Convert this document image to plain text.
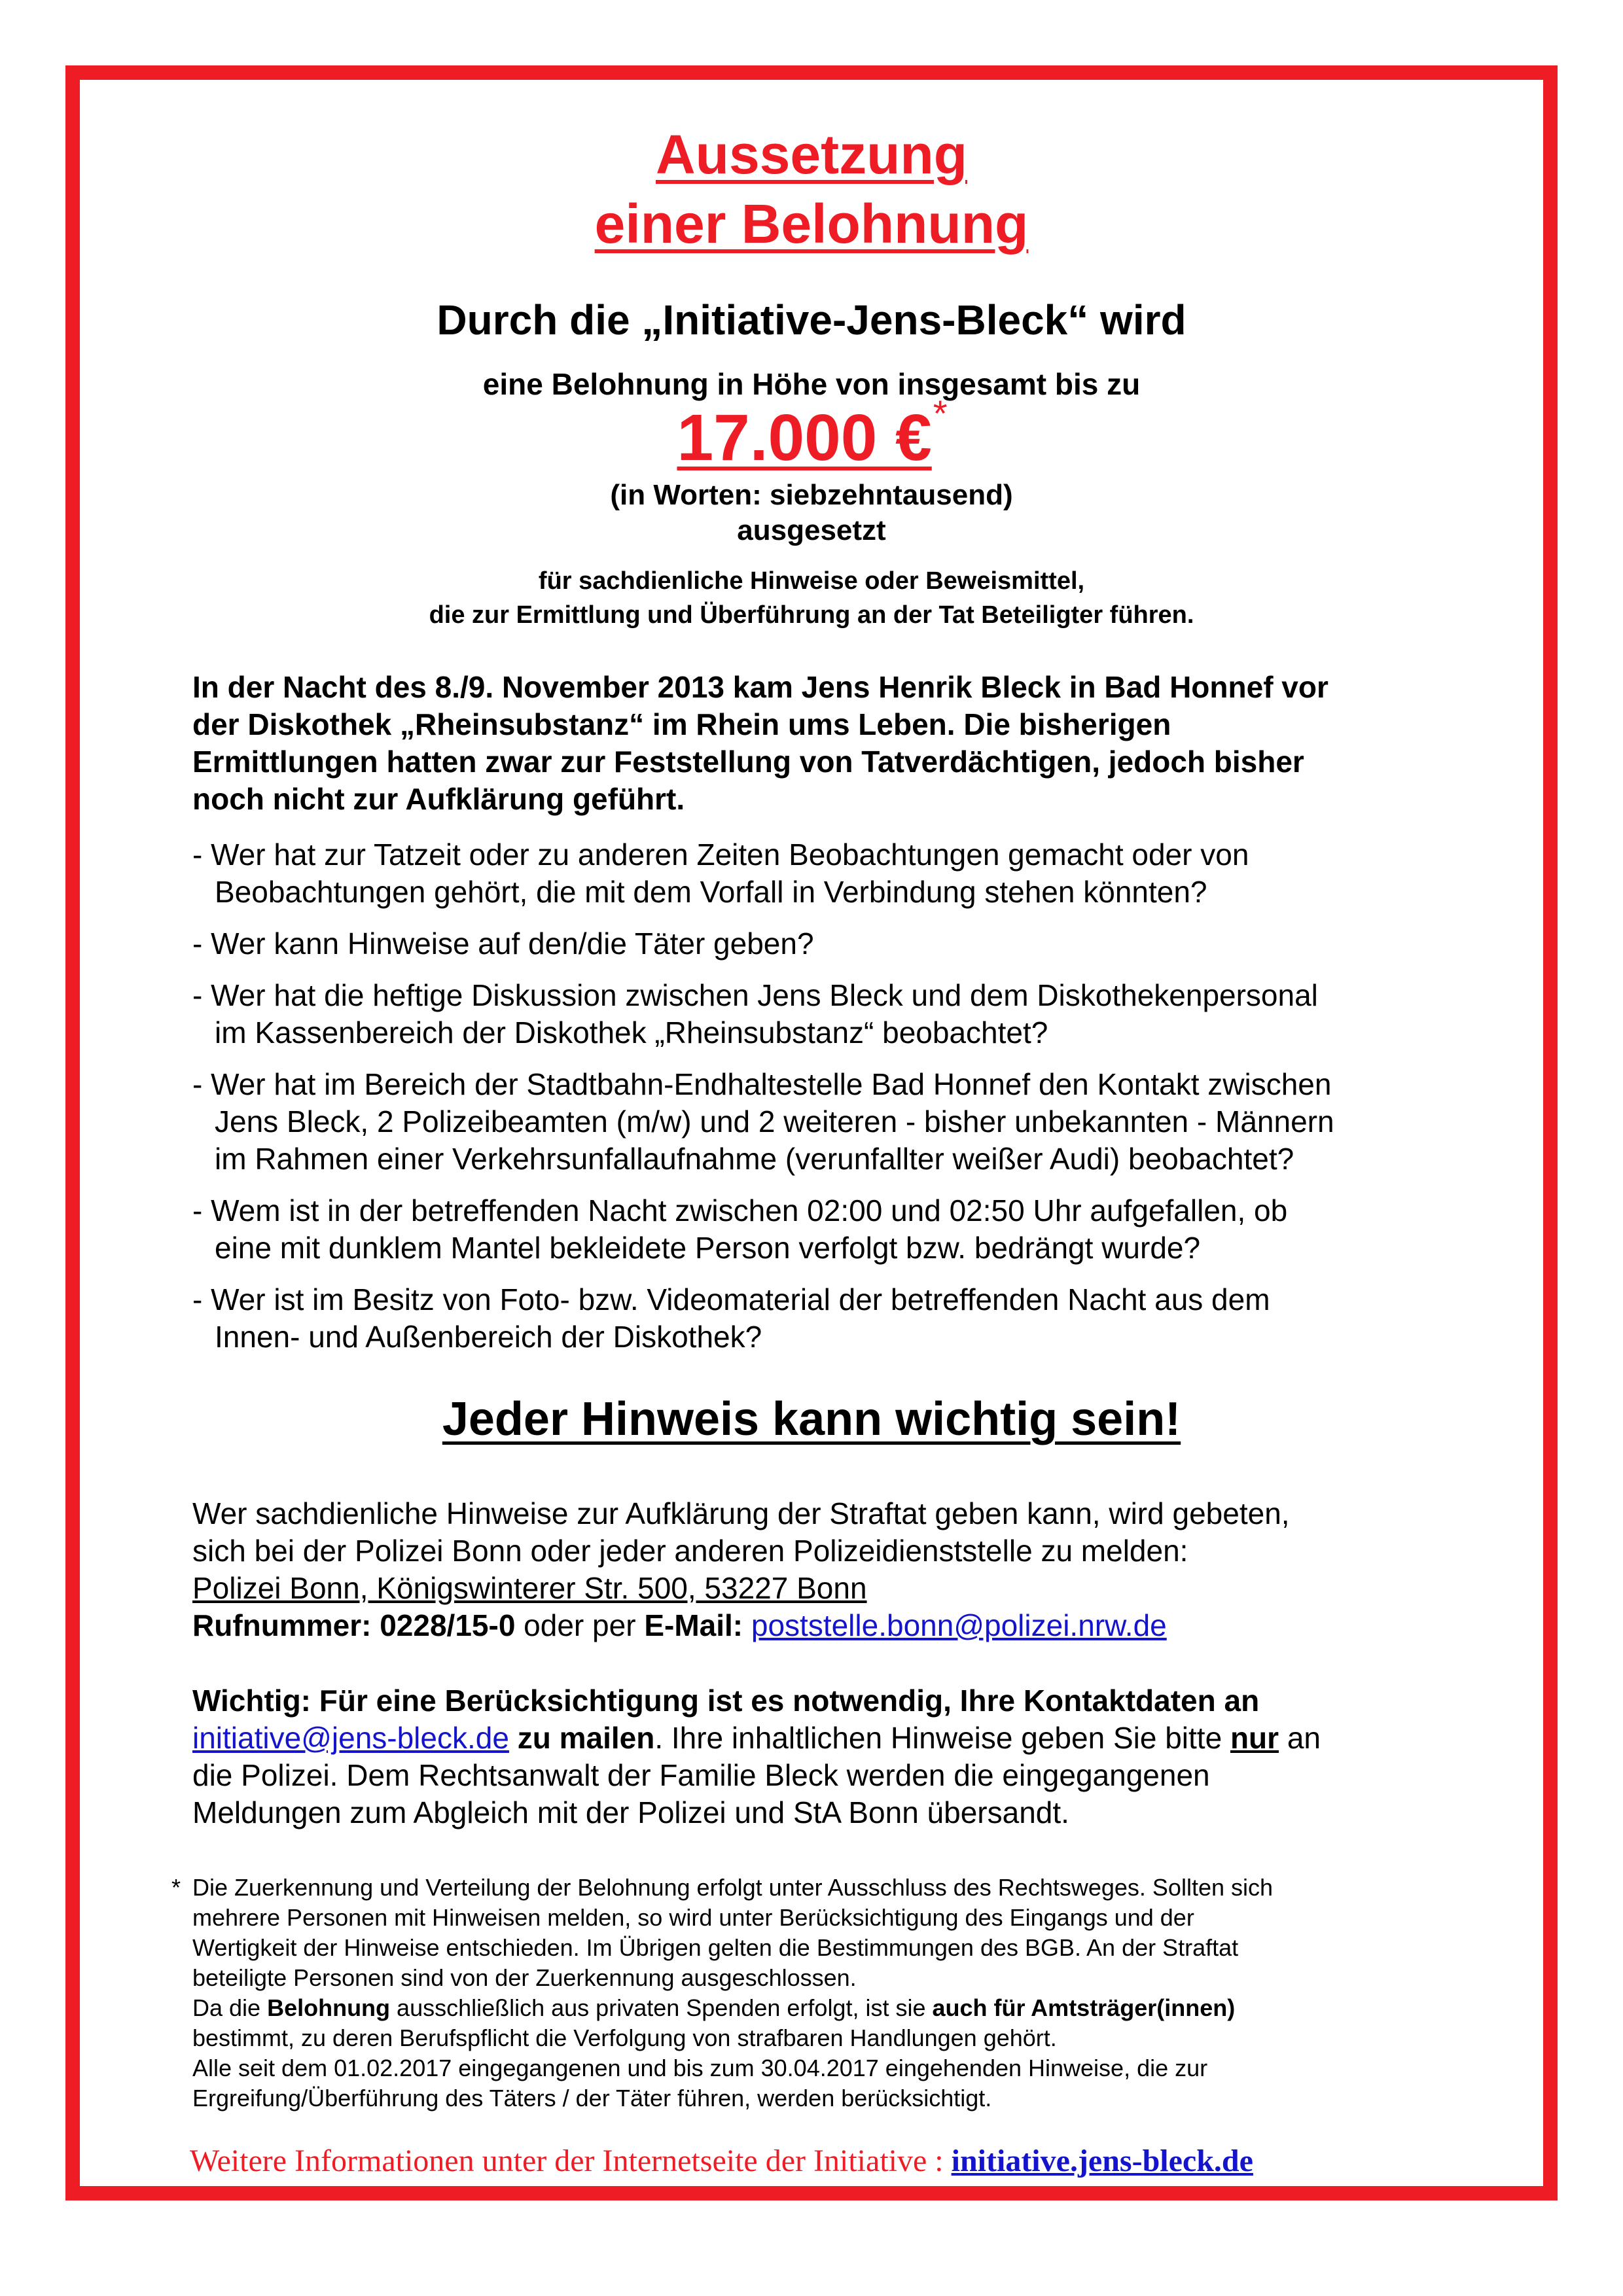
Aussetzung
einer Belohnung
Durch die „Initiative-Jens-Bleck“ wird
eine Belohnung in Höhe von insgesamt bis zu
17.000 €*
(in Worten: siebzehntausend)
ausgesetzt
für sachdienliche Hinweise oder Beweismittel,
die zur Ermittlung und Überführung an der Tat Beteiligter führen.
In der Nacht des 8./9. November 2013 kam Jens Henrik Bleck in Bad Honnef vor
der Diskothek „Rheinsubstanz“ im Rhein ums Leben. Die bisherigen
Ermittlungen hatten zwar zur Feststellung von Tatverdächtigen, jedoch bisher
noch nicht zur Aufklärung geführt.
- Wer hat zur Tatzeit oder zu anderen Zeiten Beobachtungen gemacht oder von
Beobachtungen gehört, die mit dem Vorfall in Verbindung stehen könnten?
- Wer kann Hinweise auf den/die Täter geben?
- Wer hat die heftige Diskussion zwischen Jens Bleck und dem Diskothekenpersonal
im Kassenbereich der Diskothek „Rheinsubstanz“ beobachtet?
- Wer hat im Bereich der Stadtbahn-Endhaltestelle Bad Honnef den Kontakt zwischen
Jens Bleck, 2 Polizeibeamten (m/w) und 2 weiteren - bisher unbekannten - Männern
im Rahmen einer Verkehrsunfallaufnahme (verunfallter weißer Audi) beobachtet?
- Wem ist in der betreffenden Nacht zwischen 02:00 und 02:50 Uhr aufgefallen, ob
eine mit dunklem Mantel bekleidete Person verfolgt bzw. bedrängt wurde?
- Wer ist im Besitz von Foto- bzw. Videomaterial der betreffenden Nacht aus dem
Innen- und Außenbereich der Diskothek?
Jeder Hinweis kann wichtig sein!
Wer sachdienliche Hinweise zur Aufklärung der Straftat geben kann, wird gebeten,
sich bei der Polizei Bonn oder jeder anderen Polizeidienststelle zu melden:
Polizei Bonn, Königswinterer Str. 500, 53227 Bonn
Rufnummer: 0228/15-0 oder per E-Mail: poststelle.bonn@polizei.nrw.de
Wichtig: Für eine Berücksichtigung ist es notwendig, Ihre Kontaktdaten an
initiative@jens-bleck.de zu mailen. Ihre inhaltlichen Hinweise geben Sie bitte nur an
die Polizei. Dem Rechtsanwalt der Familie Bleck werden die eingegangenen
Meldungen zum Abgleich mit der Polizei und StA Bonn übersandt.
* Die Zuerkennung und Verteilung der Belohnung erfolgt unter Ausschluss des Rechtsweges. Sollten sich
mehrere Personen mit Hinweisen melden, so wird unter Berücksichtigung des Eingangs und der
Wertigkeit der Hinweise entschieden. Im Übrigen gelten die Bestimmungen des BGB. An der Straftat
beteiligte Personen sind von der Zuerkennung ausgeschlossen.
Da die Belohnung ausschließlich aus privaten Spenden erfolgt, ist sie auch für Amtsträger(innen)
bestimmt, zu deren Berufspflicht die Verfolgung von strafbaren Handlungen gehört.
Alle seit dem 01.02.2017 eingegangenen und bis zum 30.04.2017 eingehenden Hinweise, die zur
Ergreifung/Überführung des Täters / der Täter führen, werden berücksichtigt.
Weitere Informationen unter der Internetseite der Initiative : initiative.jens-bleck.de
